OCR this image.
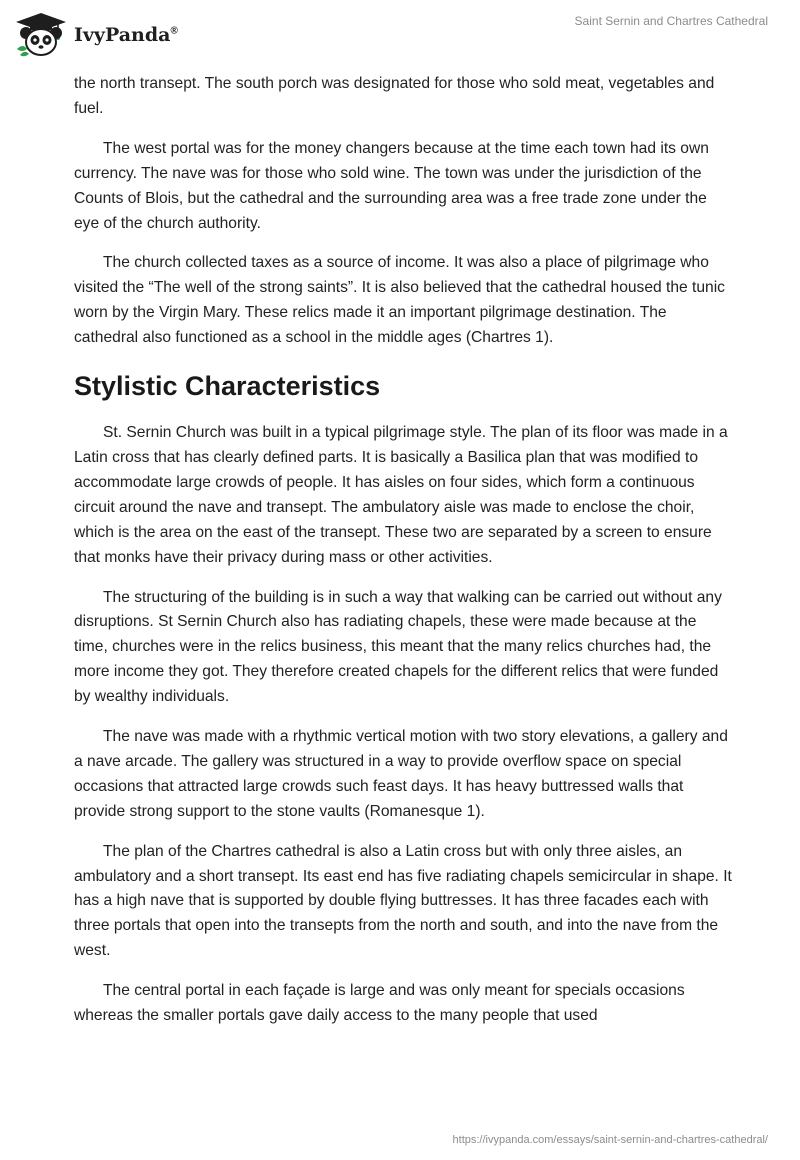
IvyPanda®
Saint Sernin and Chartres Cathedral

the north transept. The south porch was designated for those who sold meat, vegetables and fuel.

The west portal was for the money changers because at the time each town had its own currency. The nave was for those who sold wine. The town was under the jurisdiction of the Counts of Blois, but the cathedral and the surrounding area was a free trade zone under the eye of the church authority.

The church collected taxes as a source of income. It was also a place of pilgrimage who visited the “The well of the strong saints”. It is also believed that the cathedral housed the tunic worn by the Virgin Mary. These relics made it an important pilgrimage destination. The cathedral also functioned as a school in the middle ages (Chartres 1).

Stylistic Characteristics

St. Sernin Church was built in a typical pilgrimage style. The plan of its floor was made in a Latin cross that has clearly defined parts. It is basically a Basilica plan that was modified to accommodate large crowds of people. It has aisles on four sides, which form a continuous circuit around the nave and transept. The ambulatory aisle was made to enclose the choir, which is the area on the east of the transept. These two are separated by a screen to ensure that monks have their privacy during mass or other activities.

The structuring of the building is in such a way that walking can be carried out without any disruptions. St Sernin Church also has radiating chapels, these were made because at the time, churches were in the relics business, this meant that the many relics churches had, the more income they got. They therefore created chapels for the different relics that were funded by wealthy individuals.

The nave was made with a rhythmic vertical motion with two story elevations, a gallery and a nave arcade. The gallery was structured in a way to provide overflow space on special occasions that attracted large crowds such feast days. It has heavy buttressed walls that provide strong support to the stone vaults (Romanesque 1).

The plan of the Chartres cathedral is also a Latin cross but with only three aisles, an ambulatory and a short transept. Its east end has five radiating chapels semicircular in shape. It has a high nave that is supported by double flying buttresses. It has three facades each with three portals that open into the transepts from the north and south, and into the nave from the west.

The central portal in each façade is large and was only meant for specials occasions whereas the smaller portals gave daily access to the many people that used

https://ivypanda.com/essays/saint-sernin-and-chartres-cathedral/
